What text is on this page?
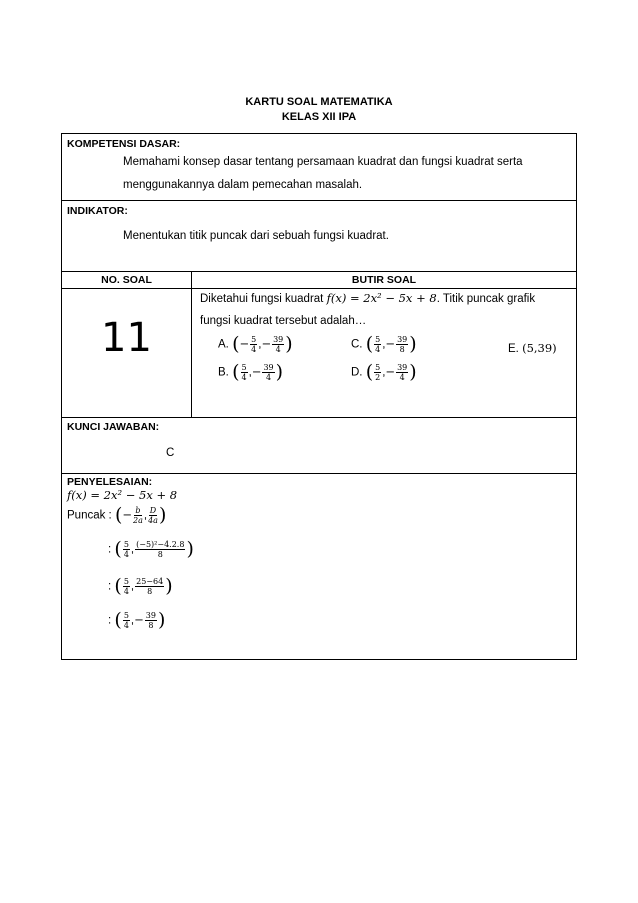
KARTU SOAL MATEMATIKA
KELAS XII IPA
KOMPETENSI DASAR:
Memahami konsep dasar tentang persamaan kuadrat dan fungsi kuadrat serta
menggunakannya dalam pemecahan masalah.
INDIKATOR:
Menentukan titik puncak dari sebuah fungsi kuadrat.
NO. SOAL	BUTIR SOAL
11
Diketahui fungsi kuadrat f(x) = 2x² − 5x + 8. Titik puncak grafik
fungsi kuadrat tersebut adalah…
A. (− $\frac{5}{4}$ ,− $\frac{39}{4}$ )	C. ( $\frac{5}{4}$ ,− $\frac{39}{8}$ )	E. (5,39)
B. ( $\frac{5}{4}$ ,− $\frac{39}{4}$ )	D. ( $\frac{5}{2}$ ,− $\frac{39}{4}$ )
KUNCI JAWABAN:
C
PENYELESAIAN:
f(x) = 2x² − 5x + 8
Puncak : (− $\frac{b}{2a}$ , $\frac{D}{4a}$ )
: ( $\frac{5}{4}$ , $\frac{\text{(−5)²−4.2.8}}{8}$ )
: ( $\frac{5}{4}$ , $\frac{25-64}{8}$ )
: ( $\frac{5}{4}$ ,− $\frac{39}{8}$ )
